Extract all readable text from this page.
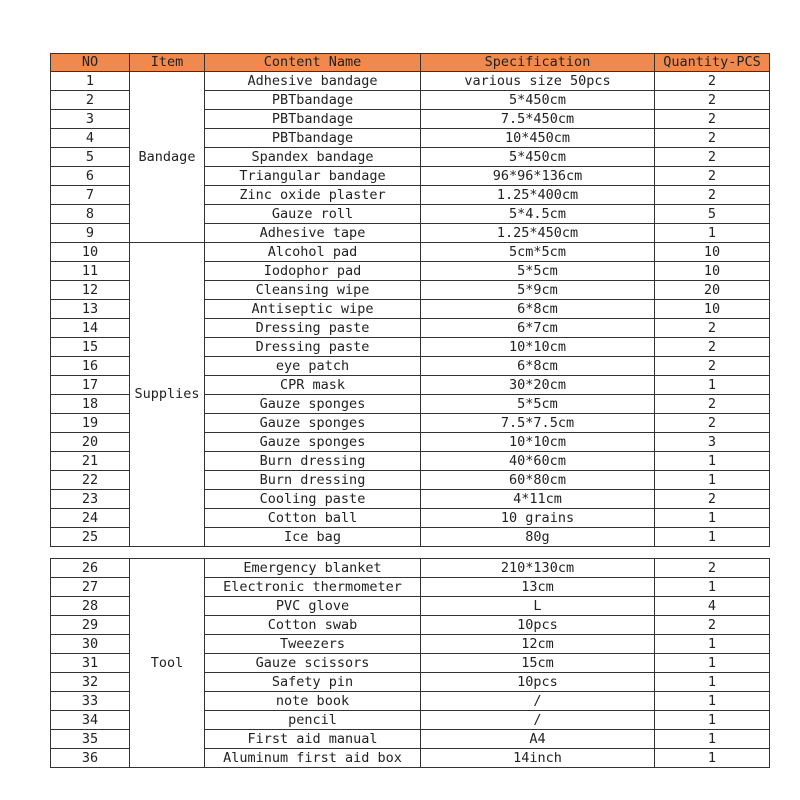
NO	Item	Content Name	Specification	Quantity-PCS
1	Bandage	Adhesive bandage	various size 50pcs	2
2		PBTbandage	5*450cm	2
3		PBTbandage	7.5*450cm	2
4		PBTbandage	10*450cm	2
5		Spandex bandage	5*450cm	2
6		Triangular bandage	96*96*136cm	2
7		Zinc oxide plaster	1.25*400cm	2
8		Gauze roll	5*4.5cm	5
9		Adhesive tape	1.25*450cm	1
10	Supplies	Alcohol pad	5cm*5cm	10
11		Iodophor pad	5*5cm	10
12		Cleansing wipe	5*9cm	20
13		Antiseptic wipe	6*8cm	10
14		Dressing paste	6*7cm	2
15		Dressing paste	10*10cm	2
16		eye patch	6*8cm	2
17		CPR mask	30*20cm	1
18		Gauze sponges	5*5cm	2
19		Gauze sponges	7.5*7.5cm	2
20		Gauze sponges	10*10cm	3
21		Burn dressing	40*60cm	1
22		Burn dressing	60*80cm	1
23		Cooling paste	4*11cm	2
24		Cotton ball	10 grains	1
25		Ice bag	80g	1
26	Tool	Emergency blanket	210*130cm	2
27		Electronic thermometer	13cm	1
28		PVC glove	L	4
29		Cotton swab	10pcs	2
30		Tweezers	12cm	1
31		Gauze scissors	15cm	1
32		Safety pin	10pcs	1
33		note book	/	1
34		pencil	/	1
35		First aid manual	A4	1
36		Aluminum first aid box	14inch	1
